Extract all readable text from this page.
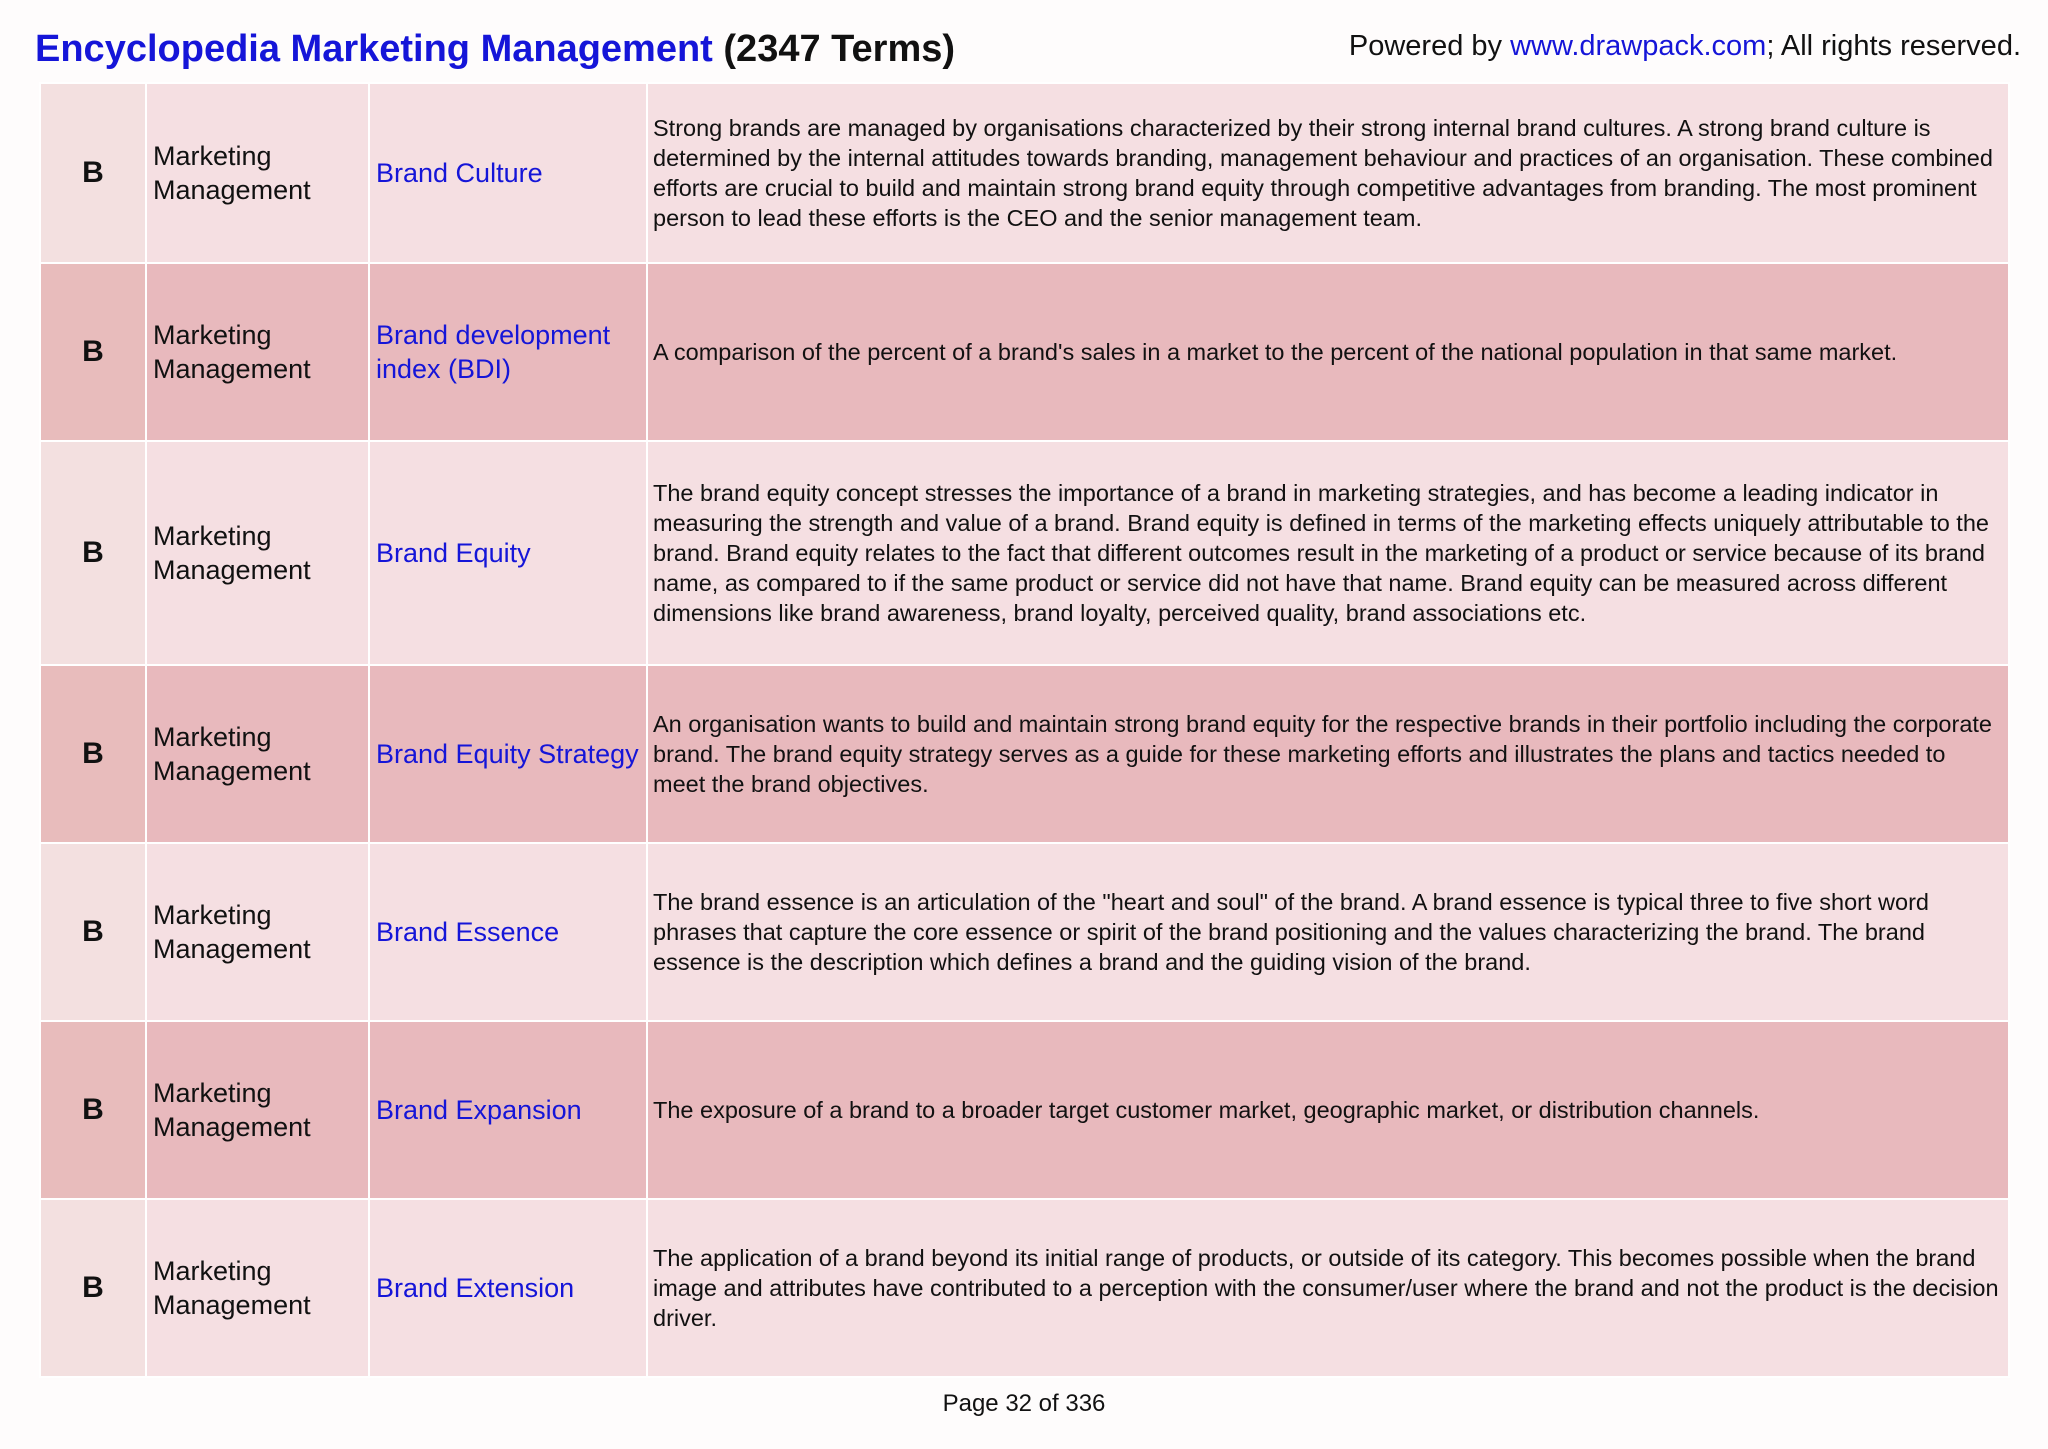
Encyclopedia Marketing Management (2347 Terms)	Powered by www.drawpack.com; All rights reserved.
B	Marketing Management	Brand Culture	Strong brands are managed by organisations characterized by their strong internal brand cultures. A strong brand culture is determined by the internal attitudes towards branding, management behaviour and practices of an organisation. These combined efforts are crucial to build and maintain strong brand equity through competitive advantages from branding. The most prominent person to lead these efforts is the CEO and the senior management team.
B	Marketing Management	Brand development index (BDI)	A comparison of the percent of a brand's sales in a market to the percent of the national population in that same market.
B	Marketing Management	Brand Equity	The brand equity concept stresses the importance of a brand in marketing strategies, and has become a leading indicator in measuring the strength and value of a brand. Brand equity is defined in terms of the marketing effects uniquely attributable to the brand. Brand equity relates to the fact that different outcomes result in the marketing of a product or service because of its brand name, as compared to if the same product or service did not have that name. Brand equity can be measured across different dimensions like brand awareness, brand loyalty, perceived quality, brand associations etc.
B	Marketing Management	Brand Equity Strategy	An organisation wants to build and maintain strong brand equity for the respective brands in their portfolio including the corporate brand. The brand equity strategy serves as a guide for these marketing efforts and illustrates the plans and tactics needed to meet the brand objectives.
B	Marketing Management	Brand Essence	The brand essence is an articulation of the "heart and soul" of the brand. A brand essence is typical three to five short word phrases that capture the core essence or spirit of the brand positioning and the values characterizing the brand. The brand essence is the description which defines a brand and the guiding vision of the brand.
B	Marketing Management	Brand Expansion	The exposure of a brand to a broader target customer market, geographic market, or distribution channels.
B	Marketing Management	Brand Extension	The application of a brand beyond its initial range of products, or outside of its category. This becomes possible when the brand image and attributes have contributed to a perception with the consumer/user where the brand and not the product is the decision driver.
Page 32 of 336
